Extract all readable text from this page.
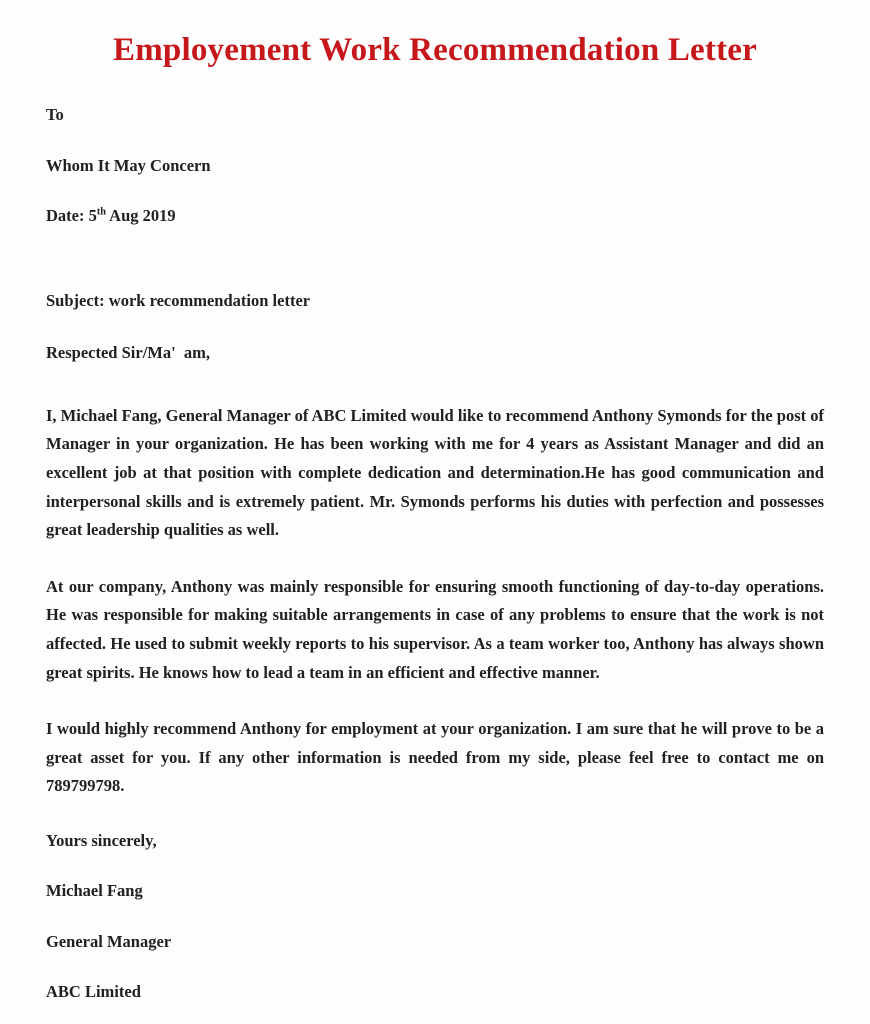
Employement Work Recommendation Letter

To

Whom It May Concern

Date: 5th Aug 2019

Subject: work recommendation letter

Respected Sir/Ma'  am,

I, Michael Fang, General Manager of ABC Limited would like to recommend Anthony Symonds for the post of Manager in your organization. He has been working with me for 4 years as Assistant Manager and did an excellent job at that position with complete dedication and determination.He has good communication and interpersonal skills and is extremely patient. Mr. Symonds performs his duties with perfection and possesses great leadership qualities as well.

At our company, Anthony was mainly responsible for ensuring smooth functioning of day-to-day operations. He was responsible for making suitable arrangements in case of any problems to ensure that the work is not affected. He used to submit weekly reports to his supervisor. As a team worker too, Anthony has always shown great spirits. He knows how to lead a team in an efficient and effective manner.

I would highly recommend Anthony for employment at your organization. I am sure that he will prove to be a great asset for you. If any other information is needed from my side, please feel free to contact me on 789799798.

Yours sincerely,

Michael Fang

General Manager

ABC Limited
